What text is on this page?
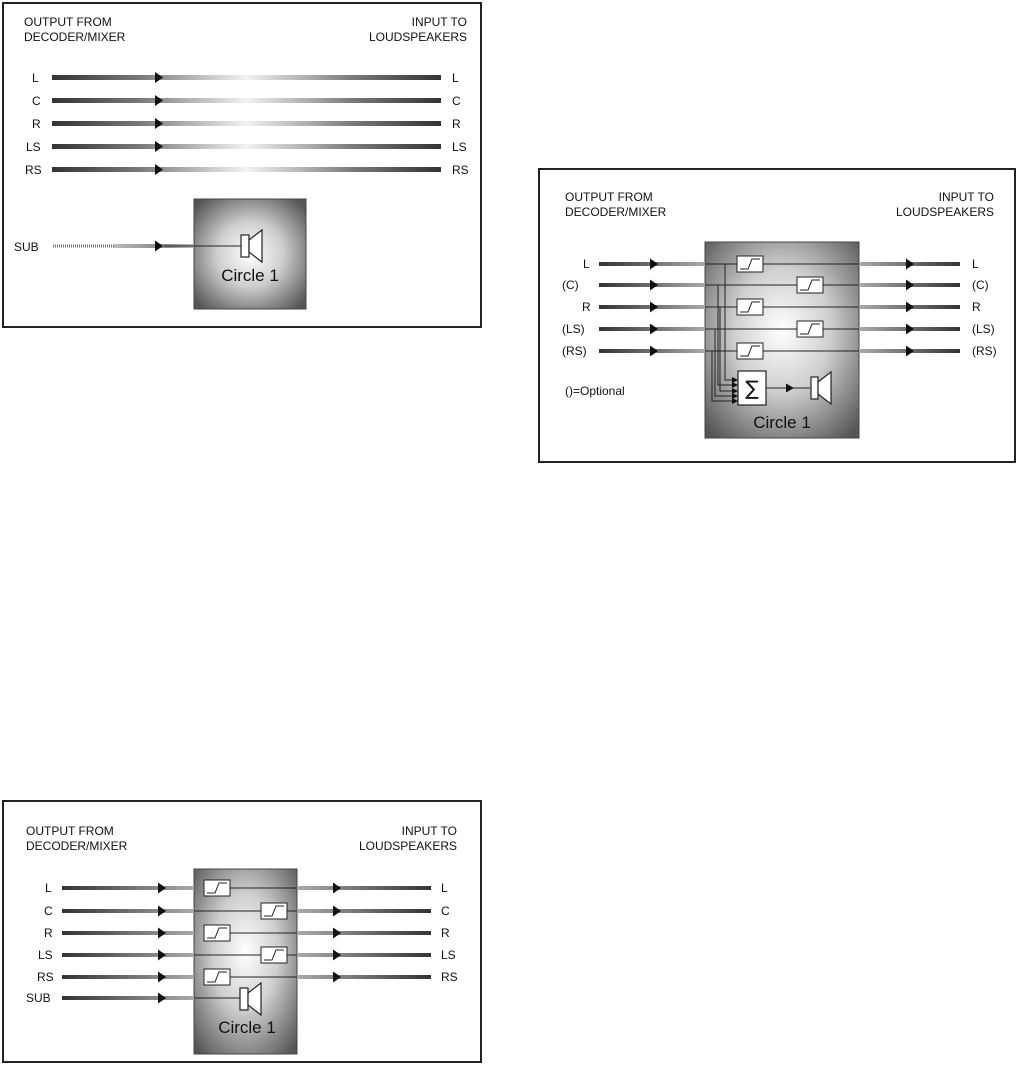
OUTPUT FROM
DECODER/MIXER
INPUT TO
LOUDSPEAKERS
L	L
C	C
R	R
LS	LS
RS	RS
SUB
Circle 1
OUTPUT FROM
DECODER/MIXER
INPUT TO
LOUDSPEAKERS
L	L
(C)	(C)
R	R
(LS)	(LS)
(RS)	(RS)
∑
()=Optional
Circle 1
OUTPUT FROM
DECODER/MIXER
INPUT TO
LOUDSPEAKERS
L	L
C	C
R	R
LS	LS
RS	RS
SUB
Circle 1
